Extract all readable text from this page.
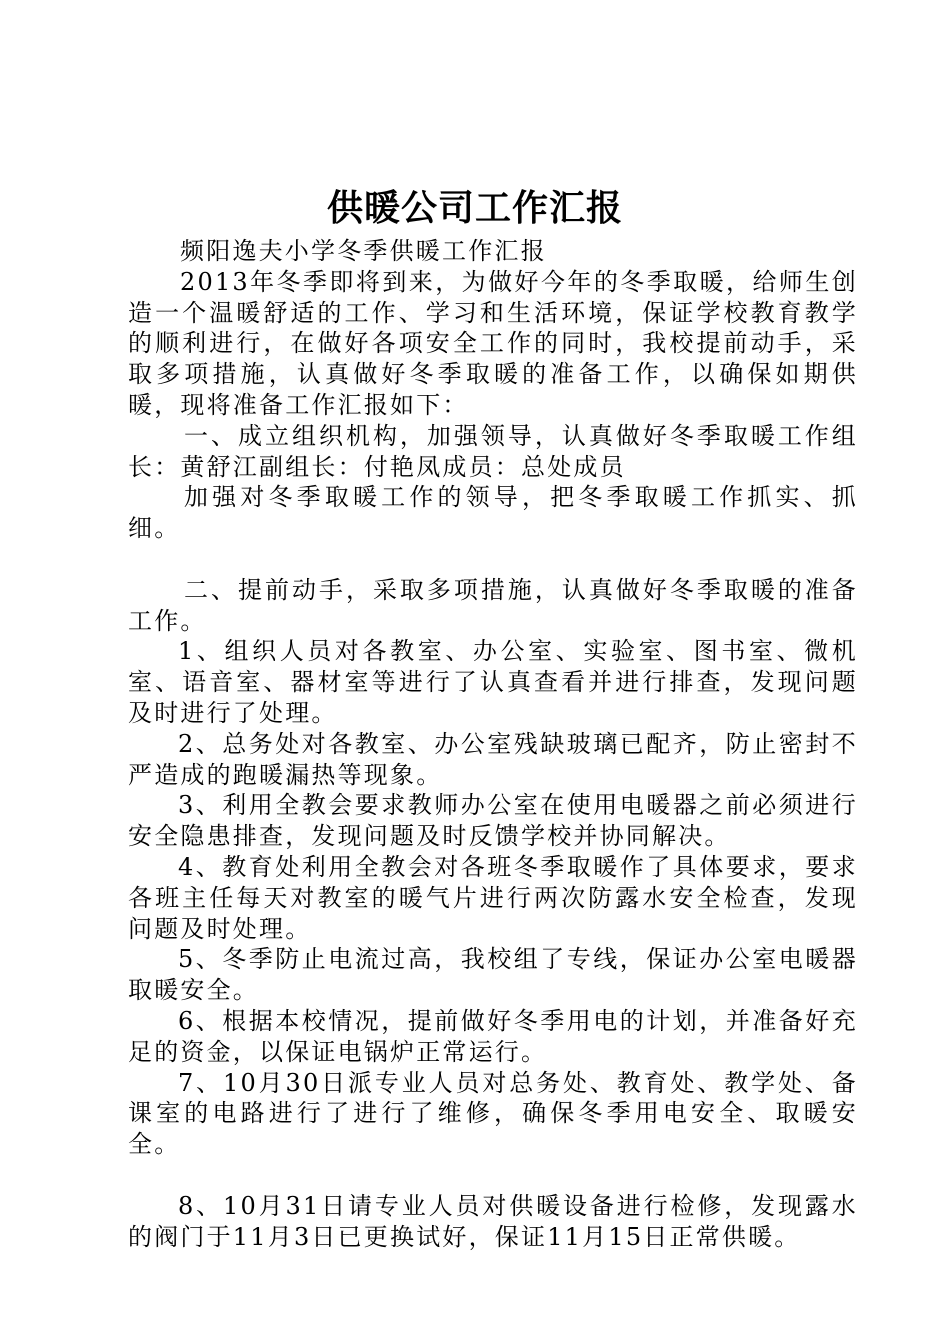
供暖公司工作汇报

频阳逸夫小学冬季供暖工作汇报

2013年冬季即将到来，为做好今年的冬季取暖，给师生创造一个温暖舒适的工作、学习和生活环境，保证学校教育教学的顺利进行，在做好各项安全工作的同时，我校提前动手，采取多项措施，认真做好冬季取暖的准备工作，以确保如期供暖，现将准备工作汇报如下：

一、成立组织机构，加强领导，认真做好冬季取暖工作组长：黄舒江副组长：付艳凤成员：总处成员

加强对冬季取暖工作的领导，把冬季取暖工作抓实、抓细。

二、提前动手，采取多项措施，认真做好冬季取暖的准备工作。

1、组织人员对各教室、办公室、实验室、图书室、微机室、语音室、器材室等进行了认真查看并进行排查，发现问题及时进行了处理。

2、总务处对各教室、办公室残缺玻璃已配齐，防止密封不严造成的跑暖漏热等现象。

3、利用全教会要求教师办公室在使用电暖器之前必须进行安全隐患排查，发现问题及时反馈学校并协同解决。

4、教育处利用全教会对各班冬季取暖作了具体要求，要求各班主任每天对教室的暖气片进行两次防露水安全检查，发现问题及时处理。

5、冬季防止电流过高，我校组了专线，保证办公室电暖器取暖安全。

6、根据本校情况，提前做好冬季用电的计划，并准备好充足的资金，以保证电锅炉正常运行。

7、10月30日派专业人员对总务处、教育处、教学处、备课室的电路进行了进行了维修，确保冬季用电安全、取暖安全。

8、10月31日请专业人员对供暖设备进行检修，发现露水的阀门于11月3日已更换试好，保证11月15日正常供暖。
